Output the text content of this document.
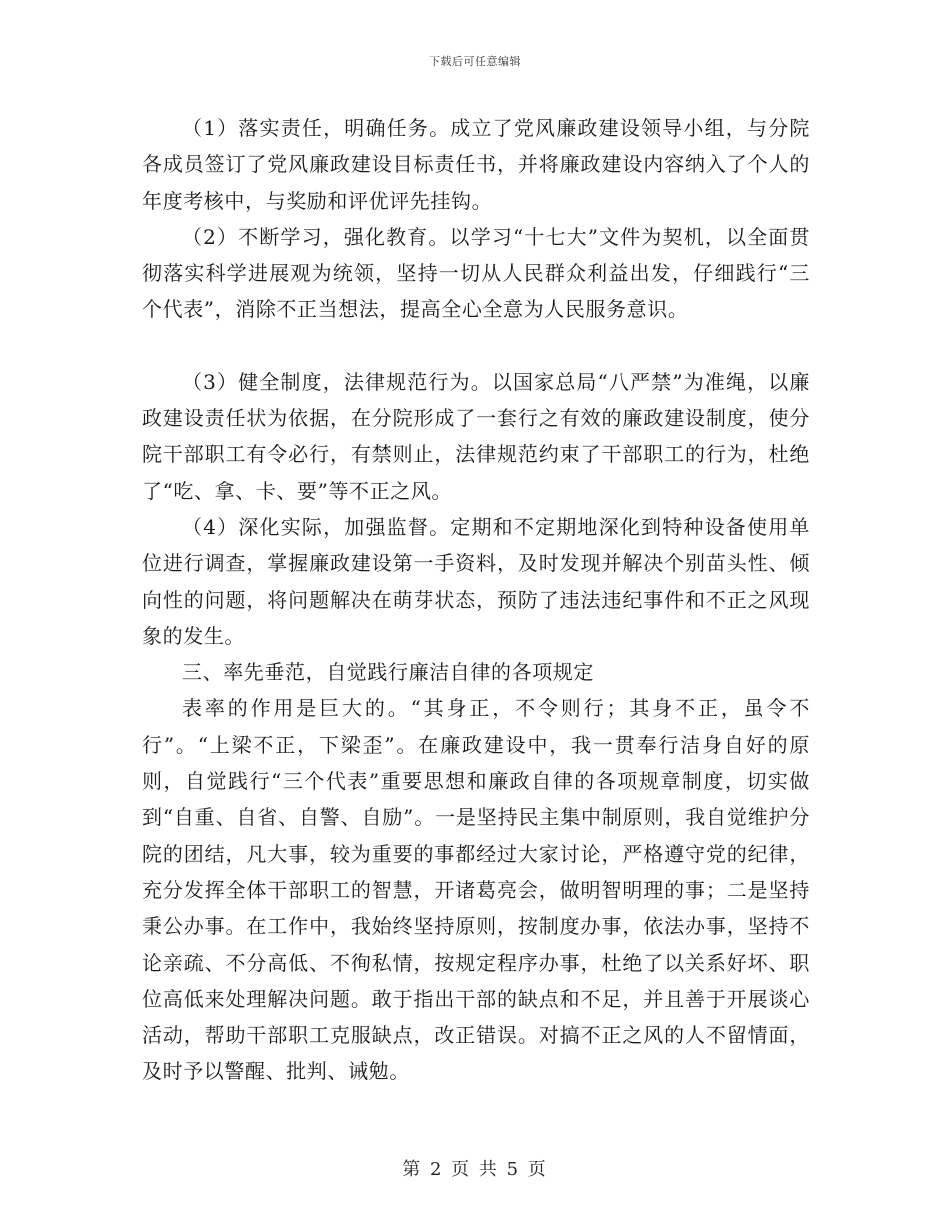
下载后可任意编辑

（1）落实责任，明确任务。成立了党风廉政建设领导小组，与分院各成员签订了党风廉政建设目标责任书，并将廉政建设内容纳入了个人的年度考核中，与奖励和评优评先挂钩。

（2）不断学习，强化教育。以学习“十七大”文件为契机，以全面贯彻落实科学进展观为统领，坚持一切从人民群众利益出发，仔细践行“三个代表”，消除不正当想法，提高全心全意为人民服务意识。

（3）健全制度，法律规范行为。以国家总局“八严禁”为准绳，以廉政建设责任状为依据，在分院形成了一套行之有效的廉政建设制度，使分院干部职工有令必行，有禁则止，法律规范约束了干部职工的行为，杜绝了“吃、拿、卡、要”等不正之风。

（4）深化实际，加强监督。定期和不定期地深化到特种设备使用单位进行调查，掌握廉政建设第一手资料，及时发现并解决个别苗头性、倾向性的问题，将问题解决在萌芽状态，预防了违法违纪事件和不正之风现象的发生。

三、率先垂范，自觉践行廉洁自律的各项规定

表率的作用是巨大的。“其身正，不令则行；其身不正，虽令不行”。“上梁不正，下梁歪”。在廉政建设中，我一贯奉行洁身自好的原则，自觉践行“三个代表”重要思想和廉政自律的各项规章制度，切实做到“自重、自省、自警、自励”。一是坚持民主集中制原则，我自觉维护分院的团结，凡大事，较为重要的事都经过大家讨论，严格遵守党的纪律，充分发挥全体干部职工的智慧，开诸葛亮会，做明智明理的事；二是坚持秉公办事。在工作中，我始终坚持原则，按制度办事，依法办事，坚持不论亲疏、不分高低、不徇私情，按规定程序办事，杜绝了以关系好坏、职位高低来处理解决问题。敢于指出干部的缺点和不足，并且善于开展谈心活动，帮助干部职工克服缺点，改正错误。对搞不正之风的人不留情面，及时予以警醒、批判、诫勉。

第 2 页 共 5 页
